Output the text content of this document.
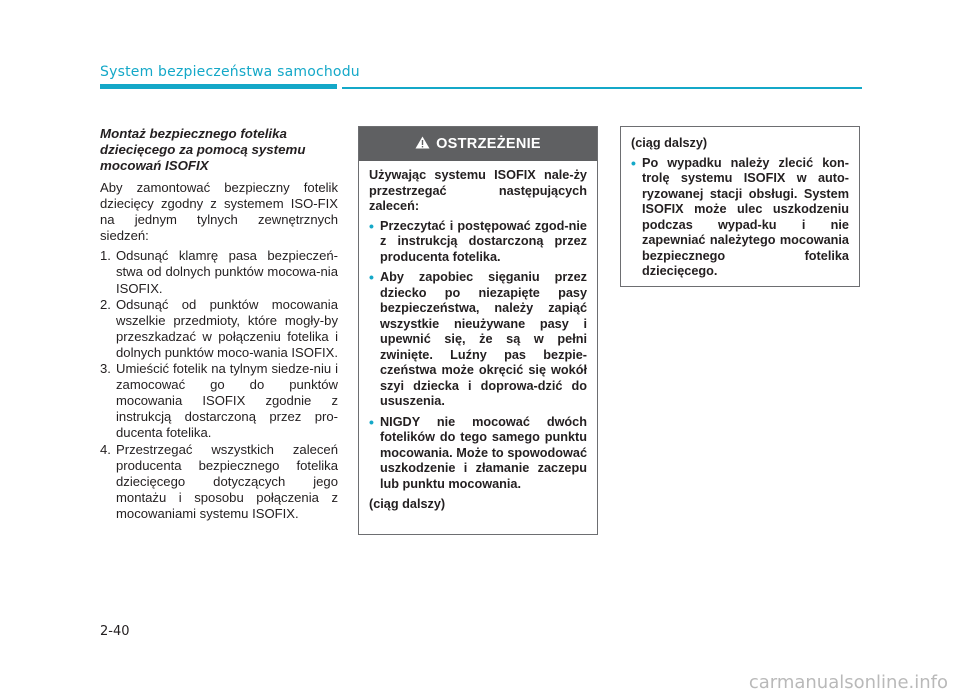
System bezpieczeństwa samochodu
Montaż bezpiecznego fotelika dziecięcego za pomocą systemu mocowań ISOFIX
Aby zamontować bezpieczny fotelik dziecięcy zgodny z systemem ISO-FIX na jednym tylnych zewnętrznych siedzeń:
1. Odsunąć klamrę pasa bezpieczeń-stwa od dolnych punktów mocowa-nia ISOFIX.
2. Odsunąć od punktów mocowania wszelkie przedmioty, które mogły-by przeszkadzać w połączeniu fotelika i dolnych punktów moco-wania ISOFIX.
3. Umieścić fotelik na tylnym siedze-niu i zamocować go do punktów mocowania ISOFIX zgodnie z instrukcją dostarczoną przez pro-ducenta fotelika.
4. Przestrzegać wszystkich zaleceń producenta bezpiecznego fotelika dziecięcego dotyczących jego montażu i sposobu połączenia z mocowaniami systemu ISOFIX.
OSTRZEŻENIE
Używając systemu ISOFIX nale-ży przestrzegać następujących zaleceń:
• Przeczytać i postępować zgod-nie z instrukcją dostarczoną przez producenta fotelika.
• Aby zapobiec sięganiu przez dziecko po niezapięte pasy bezpieczeństwa, należy zapiąć wszystkie nieużywane pasy i upewnić się, że są w pełni zwinięte. Luźny pas bezpie-czeństwa może okręcić się wokół szyi dziecka i doprowa-dzić do ususzenia.
• NIGDY nie mocować dwóch fotelików do tego samego punktu mocowania. Może to spowodować uszkodzenie i złamanie zaczepu lub punktu mocowania.
(ciąg dalszy)
(ciąg dalszy)
• Po wypadku należy zlecić kon-trolę systemu ISOFIX w auto-ryzowanej stacji obsługi. System ISOFIX może ulec uszkodzeniu podczas wypad-ku i nie zapewniać należytego mocowania bezpiecznego fotelika dziecięcego.
2-40
carmanualsonline.info
